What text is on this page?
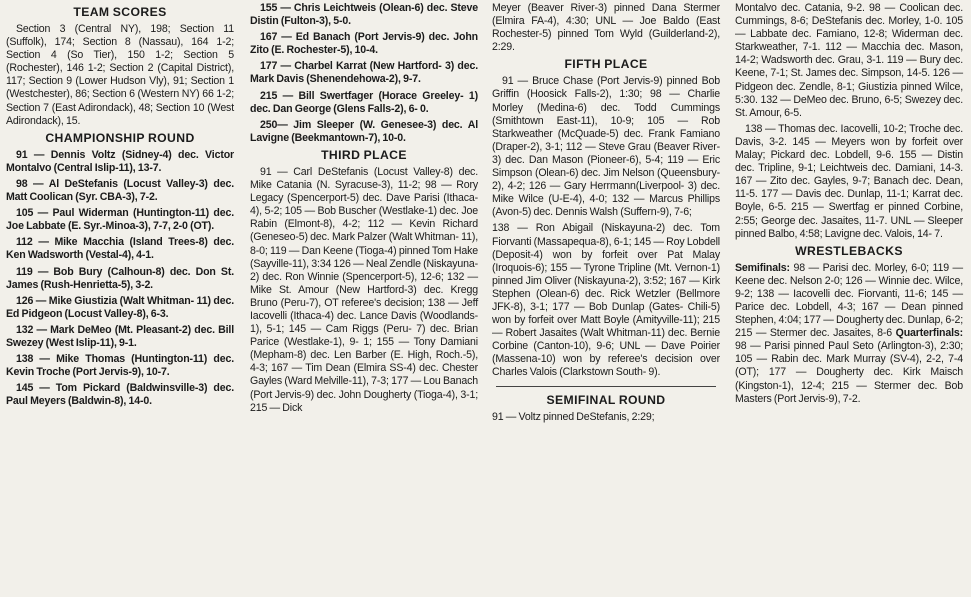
TEAM SCORES
Section 3 (Central NY), 198; Section 11 (Suffolk), 174; Section 8 (Nassau), 164 1-2; Section 4 (So Tier), 150 1-2; Section 5 (Rochester), 146 1-2; Section 2 (Capital District), 117; Section 9 (Lower Hudson Vly), 91; Section 1 (Westchester), 86; Section 6 (Western NY) 66 1-2; Section 7 (East Adirondack), 48; Section 10 (West Adirondack), 15.
CHAMPIONSHIP ROUND
91 — Dennis Voltz (Sidney-4) dec. Victor Montalvo (Central Islip-11), 13-7.
98 — Al DeStefanis (Locust Valley-3) dec. Matt Coolican (Syr. CBA-3), 7-2.
105 — Paul Widerman (Huntington-11) dec. Joe Labbate (E. Syr.-Minoa-3), 7-7, 2-0 (OT).
112 — Mike Macchia (Island Trees-8) dec. Ken Wadsworth (Vestal-4), 4-1.
119 — Bob Bury (Calhoun-8) dec. Don St. James (Rush-Henrietta-5), 3-2.
126 — Mike Giustizia (Walt Whitman- 11) dec. Ed Pidgeon (Locust Valley-8), 6-3.
132 — Mark DeMeo (Mt. Pleasant-2) dec. Bill Swezey (West Islip-11), 9-1.
138 — Mike Thomas (Huntington-11) dec. Kevin Troche (Port Jervis-9), 10-7.
145 — Tom Pickard (Baldwinsville-3) dec. Paul Meyers (Baldwin-8), 14-0.
155 — Chris Leichtweis (Olean-6) dec. Steve Distin (Fulton-3), 5-0.
167 — Ed Banach (Port Jervis-9) dec. John Zito (E. Rochester-5), 10-4.
177 — Charbel Karrat (New Hartford- 3) dec. Mark Davis (Shenendehowa-2), 9-7.
215 — Bill Swertfager (Horace Greeley- 1) dec. Dan George (Glens Falls-2), 6- 0.
250— Jim Sleeper (W. Genesee-3) dec. Al Lavigne (Beekmantown-7), 10-0.
THIRD PLACE
91 — Carl DeStefanis (Locust Valley-8) dec. Mike Catania (N. Syracuse-3), 11-2; 98 — Rory Legacy (Spencerport-5) dec. Dave Parisi (Ithaca-4), 5-2; 105 — Bob Buscher (Westlake-1) dec. Joe Rabin (Elmont-8), 4-2; 112 — Kevin Richard (Geneseo-5) dec. Mark Palzer (Walt Whitman- 11), 8-0; 119 — Dan Keene (Tioga-4) pinned Tom Hake (Sayville-11), 3:34 126 — Neal Zendle (Niskayuna-2) dec. Ron Winnie (Spencerport-5), 12-6; 132 — Mike St. Amour (New Hartford-3) dec. Kregg Bruno (Peru-7), OT referee's decision; 138 — Jeff Iacovelli (Ithaca-4) dec. Lance Davis (Woodlands-1), 5-1; 145 — Cam Riggs (Peru- 7) dec. Brian Parice (Westlake-1), 9- 1; 155 — Tony Damiani (Mepham-8) dec. Len Barber (E. High, Roch.-5), 4-3; 167 — Tim Dean (Elmira SS-4) dec. Chester Gayles (Ward Melville-11), 7-3; 177 — Lou Banach (Port Jervis-9) dec. John Dougherty (Tioga-4), 3-1; 215 — Dick
Meyer (Beaver River-3) pinned Dana Stermer (Elmira FA-4), 4:30; UNL — Joe Baldo (East Rochester-5) pinned Tom Wyld (Guilderland-2), 2:29.
FIFTH PLACE
91 — Bruce Chase (Port Jervis-9) pinned Bob Griffin (Hoosick Falls-2), 1:30; 98 — Charlie Morley (Medina-6) dec. Todd Cummings (Smithtown East-11), 10-9; 105 — Rob Starkweather (McQuade-5) dec. Frank Famiano (Draper-2), 3-1; 112 — Steve Grau (Beaver River-3) dec. Dan Mason (Pioneer-6), 5-4; 119 — Eric Simpson (Olean-6) dec. Jim Nelson (Queensbury- 2), 4-2; 126 — Gary Herrmann(Liverpool- 3) dec. Mike Wilce (U-E-4), 4-0; 132 — Marcus Phillips (Avon-5) dec. Dennis Walsh (Suffern-9), 7-6;
138 — Ron Abigail (Niskayuna-2) dec. Tom Fiorvanti (Massapequa-8), 6-1; 145 — Roy Lobdell (Deposit-4) won by forfeit over Pat Malay (Iroquois-6); 155 — Tyrone Tripline (Mt. Vernon-1) pinned Jim Oliver (Niskayuna-2), 3:52; 167 — Kirk Stephen (Olean-6) dec. Rick Wetzler (Bellmore JFK-8), 3-1; 177 — Bob Dunlap (Gates- Chili-5) won by forfeit over Matt Boyle (Amityville-11); 215 — Robert Jasaites (Walt Whitman-11) dec. Bernie Corbine (Canton-10), 9-6; UNL — Dave Poirier (Massena-10) won by referee's decision over Charles Valois (Clarkstown South- 9).
SEMIFINAL ROUND
91 — Voltz pinned DeStefanis, 2:29;
Montalvo dec. Catania, 9-2. 98 — Coolican dec. Cummings, 8-6; DeStefanis dec. Morley, 1-0. 105 — Labbate dec. Famiano, 12-8; Widerman dec. Starkweather, 7-1. 112 — Macchia dec. Mason, 14-2; Wadsworth dec. Grau, 3-1. 119 — Bury dec. Keene, 7-1; St. James dec. Simpson, 14-5. 126 — Pidgeon dec. Zendle, 8-1; Giustizia pinned Wilce, 5:30. 132 — DeMeo dec. Bruno, 6-5; Swezey dec. St. Amour, 6-5.
138 — Thomas dec. Iacovelli, 10-2; Troche dec. Davis, 3-2. 145 — Meyers won by forfeit over Malay; Pickard dec. Lobdell, 9-6. 155 — Distin dec. Tripline, 9-1; Leichtweis dec. Damiani, 14-3. 167 — Zito dec. Gayles, 9-7; Banach dec. Dean, 11-5. 177 — Davis dec. Dunlap, 11-1; Karrat dec. Boyle, 6-5. 215 — Swertfag er pinned Corbine, 2:55; George dec. Jasaites, 11-7. UNL — Sleeper pinned Balbo, 4:58; Lavigne dec. Valois, 14- 7.
WRESTLEBACKS
Semifinals: 98 — Parisi dec. Morley, 6-0; 119 — Keene dec. Nelson 2-0; 126 — Winnie dec. Wilce, 9-2; 138 — Iacovelli dec. Fiorvanti, 11-6; 145 — Parice dec. Lobdell, 4-3; 167 — Dean pinned Stephen, 4:04; 177 — Dougherty dec. Dunlap, 6-2; 215 — Stermer dec. Jasaites, 8-6 Quarterfinals: 98 — Parisi pinned Paul Seto (Arlington-3), 2:30; 105 — Rabin dec. Mark Murray (SV-4), 2-2, 7-4 (OT); 177 — Dougherty dec. Kirk Maisch (Kingston-1), 12-4; 215 — Stermer dec. Bob Masters (Port Jervis-9), 7-2.
